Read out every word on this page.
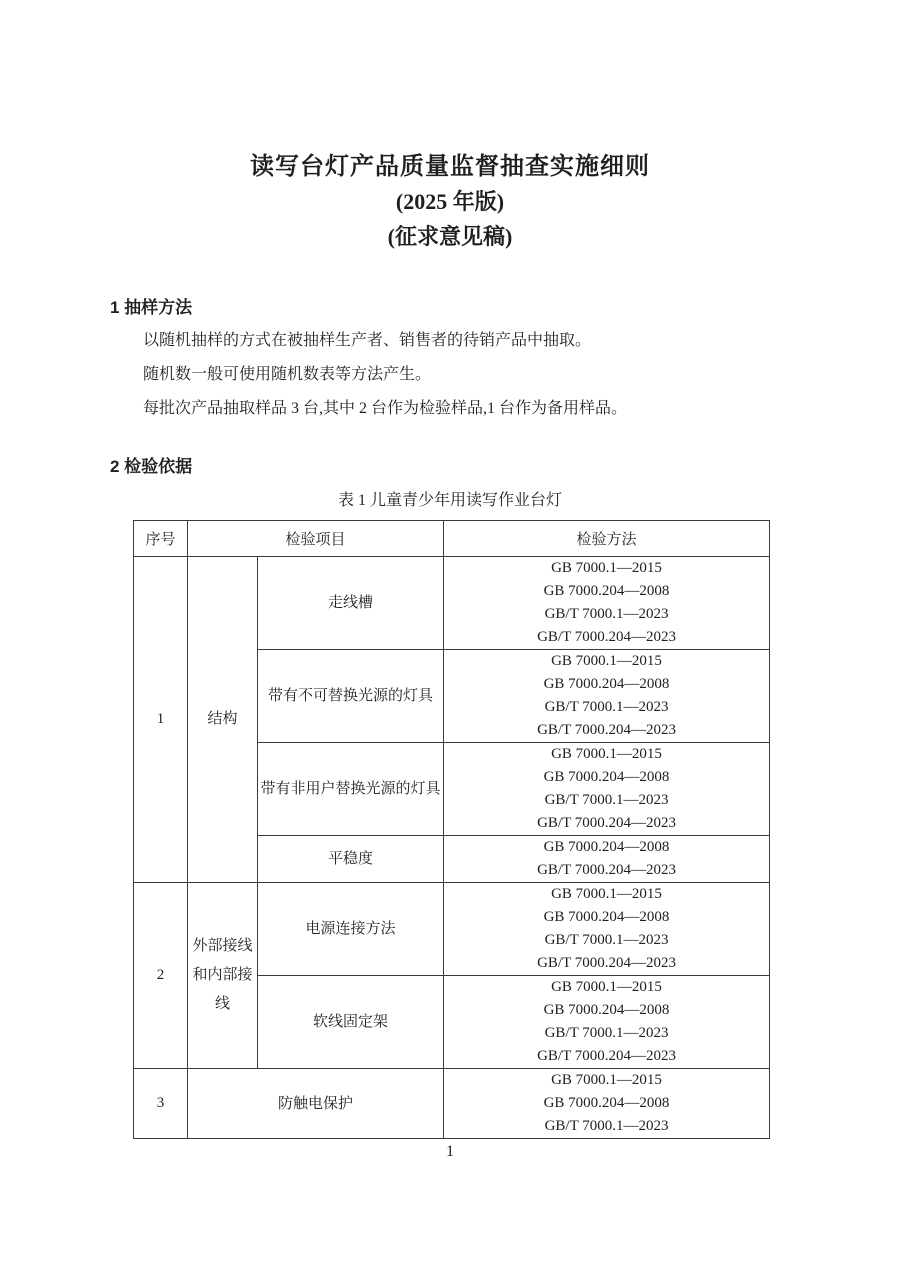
读写台灯产品质量监督抽查实施细则
(2025 年版)
(征求意见稿)
1 抽样方法

以随机抽样的方式在被抽样生产者、销售者的待销产品中抽取。

随机数一般可使用随机数表等方法产生。

每批次产品抽取样品 3 台,其中 2 台作为检验样品,1 台作为备用样品。

2 检验依据
表 1 儿童青少年用读写作业台灯
序号	检验项目		检验方法
1	结构	走线槽	GB 7000.1—2015
GB 7000.204—2008
GB/T 7000.1—2023
GB/T 7000.204—2023

		带有不可替换光源的灯具	GB 7000.1—2015
GB 7000.204—2008
GB/T 7000.1—2023
GB/T 7000.204—2023

		带有非用户替换光源的灯具	GB 7000.1—2015
GB 7000.204—2008
GB/T 7000.1—2023
GB/T 7000.204—2023

		平稳度	GB 7000.204—2008
GB/T 7000.204—2023

2	外部接线和内部接线	电源连接方法	GB 7000.1—2015
GB 7000.204—2008
GB/T 7000.1—2023
GB/T 7000.204—2023

		软线固定架	GB 7000.1—2015
GB 7000.204—2008
GB/T 7000.1—2023
GB/T 7000.204—2023

3	防触电保护		GB 7000.1—2015
GB 7000.204—2008
GB/T 7000.1—2023
1
